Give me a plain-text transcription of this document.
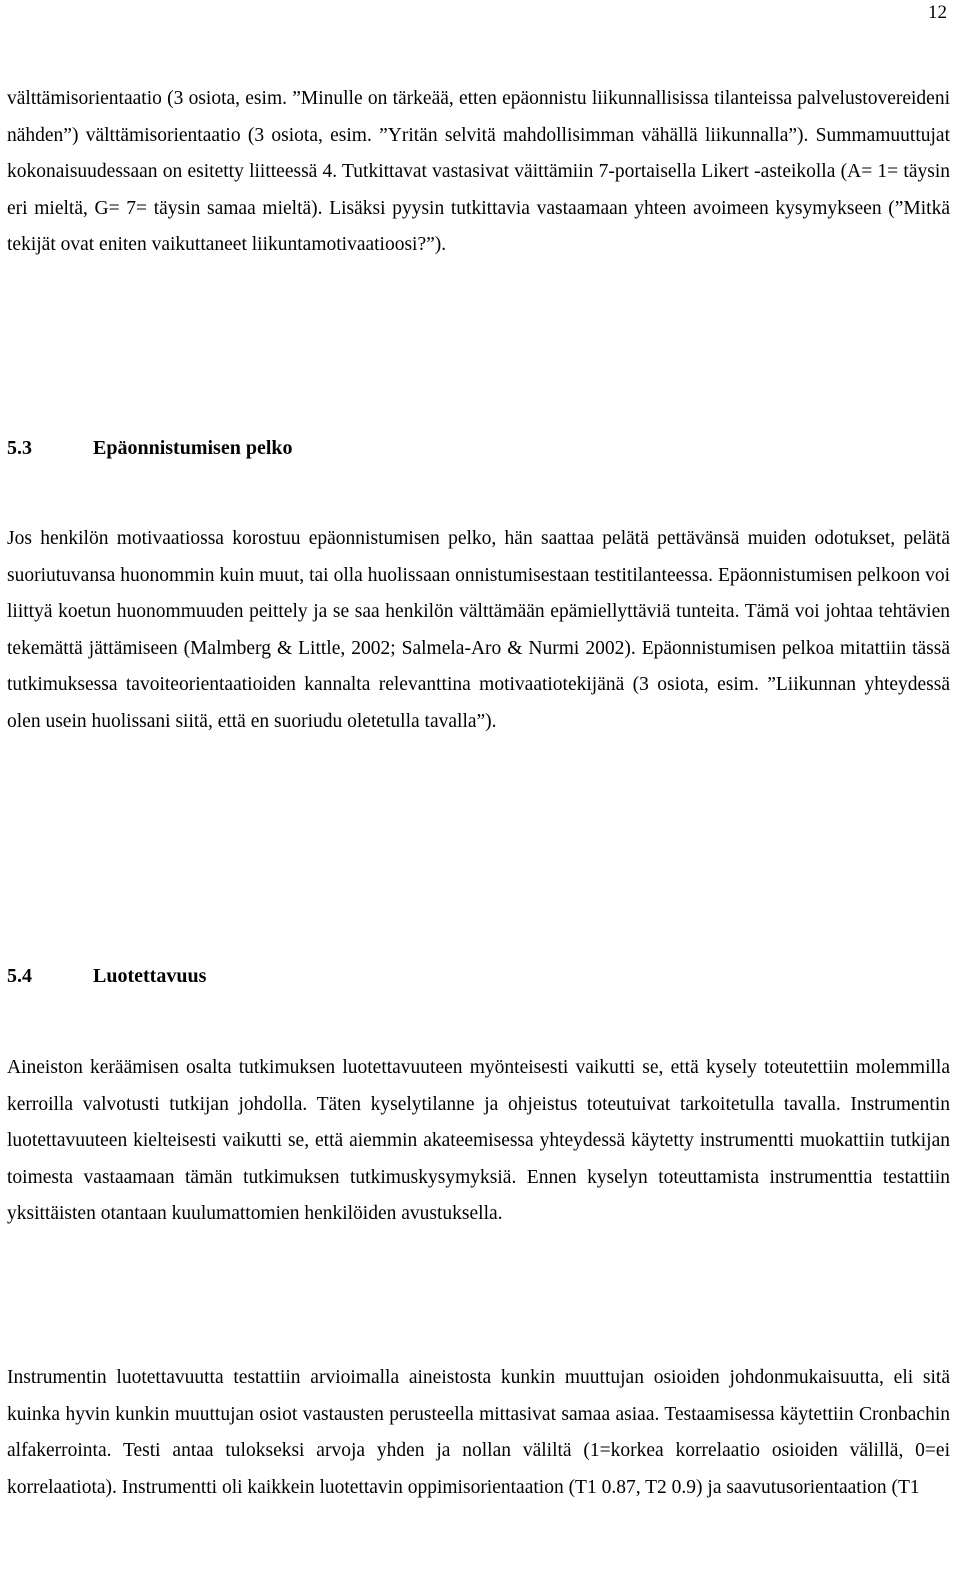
12

välttämisorientaatio (3 osiota, esim. ”Minulle on tärkeää, etten epäonnistu liikunnallisissa tilanteissa palvelustovereideni nähden”) välttämisorientaatio (3 osiota, esim. ”Yritän selvitä mahdollisimman vähällä liikunnalla”). Summamuuttujat kokonaisuudessaan on esitetty liitteessä 4. Tutkittavat vastasivat väittämiin 7-portaisella Likert -asteikolla (A= 1= täysin eri mieltä, G= 7= täysin samaa mieltä). Lisäksi pyysin tutkittavia vastaamaan yhteen avoimeen kysymykseen (”Mitkä tekijät ovat eniten vaikuttaneet liikuntamotivaatioosi?”).

5.3	Epäonnistumisen pelko

Jos henkilön motivaatiossa korostuu epäonnistumisen pelko, hän saattaa pelätä pettävänsä muiden odotukset, pelätä suoriutuvansa huonommin kuin muut, tai olla huolissaan onnistumisestaan testitilanteessa. Epäonnistumisen pelkoon voi liittyä koetun huonommuuden peittely ja se saa henkilön välttämään epämiellyttäviä tunteita. Tämä voi johtaa tehtävien tekemättä jättämiseen (Malmberg & Little, 2002; Salmela-Aro & Nurmi 2002). Epäonnistumisen pelkoa mitattiin tässä tutkimuksessa tavoiteorientaatioiden kannalta relevanttina motivaatiotekijänä (3 osiota, esim. ”Liikunnan yhteydessä olen usein huolissani siitä, että en suoriudu oletetulla tavalla”).

5.4	Luotettavuus

Aineiston keräämisen osalta tutkimuksen luotettavuuteen myönteisesti vaikutti se, että kysely toteutettiin molemmilla kerroilla valvotusti tutkijan johdolla. Täten kyselytilanne ja ohjeistus toteutuivat tarkoitetulla tavalla. Instrumentin luotettavuuteen kielteisesti vaikutti se, että aiemmin akateemisessa yhteydessä käytetty instrumentti muokattiin tutkijan toimesta vastaamaan tämän tutkimuksen tutkimuskysymyksiä. Ennen kyselyn toteuttamista instrumenttia testattiin yksittäisten otantaan kuulumattomien henkilöiden avustuksella.

Instrumentin luotettavuutta testattiin arvioimalla aineistosta kunkin muuttujan osioiden johdonmukaisuutta, eli sitä kuinka hyvin kunkin muuttujan osiot vastausten perusteella mittasivat samaa asiaa. Testaamisessa käytettiin Cronbachin alfakerrointa. Testi antaa tulokseksi arvoja yhden ja nollan väliltä (1=korkea korrelaatio osioiden välillä, 0=ei korrelaatiota). Instrumentti oli kaikkein luotettavin oppimisorientaation (T1 0.87, T2 0.9) ja saavutusorientaation (T1
